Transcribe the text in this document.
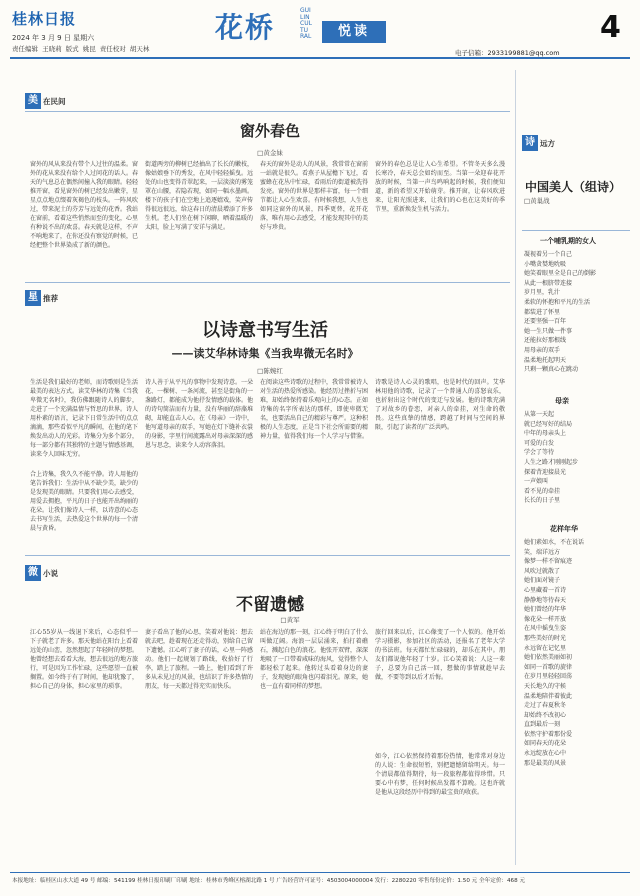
桂林日报
2024 年 3 月 9 日 星期六
责任编辑 王晓莉 版式 姚昆 责任校对 胡天林
花桥
GUILIN CULTURAL	悦读	4
电子信箱：2933199881@qq.com
美 在民间
窗外春色
□黄金妹
窗外的风从来没有带个人过往的温柔。窗外的花从来没有给个人过问花的话人。春天的气息总在偶然间撞入我的眼睛。轻轻推开窗，看见窗外的树已经发出嫩芽，星星点点地点缀着灰褐色的枝头。一阵风吹过，带来泥土的芬芳与远处的花香。我站在窗前，看着这些悄然而至的变化，心里有种说不出的欢喜。春天就是这样，不声不响地来了，在你还没有察觉的时候，已经把整个世界染成了新的颜色。
街道两旁的柳树已经抽出了长长的嫩枝，像姑娘垂下的秀发，在风中轻轻摇曳。远处的山也变得青翠起来，一层淡淡的雾笼罩在山腰，若隐若现，如同一幅水墨画。楼下的孩子们在空地上追逐嬉戏，笑声传得很远很远，给这春日的清晨增添了许多生机。老人们坐在树下闲聊，晒着温暖的太阳，脸上写满了安详与满足。
春天的窗外是动人的风景，我常常在窗前一站就是很久。看燕子从屋檐下飞过，看蜜蜂在花丛中忙碌，看雨后的街道被洗得发亮。窗外的世界是那样丰富，每一个细节都让人心生欢喜。有时候我想，人生也如同这窗外的风景，四季更替，花开花落，唯有用心去感受，才能发现其中的美好与珍贵。
窗外的春色总是让人心生希望。不管冬天多么漫长寒冷，春天总会如约而至。当第一朵迎春花开放的时候，当第一声鸟鸣响起的时候，我们便知道，新的希望又开始萌芽。推开窗，让春风吹进来，让阳光照进来，让我们的心也在这美好的季节里，重新焕发生机与活力。
星 推荐
以诗意书写生活
——读艾华林诗集《当我卑微无名时》
□陈婉红
生活是我们最好的老师，而诗歌则是生活最美的表达方式。读艾华林的诗集《当我卑微无名时》，我仿佛跟随诗人的脚步，走进了一个充满温情与哲思的世界。诗人用朴素的语言，记录下日常生活中的点点滴滴，那些看似平凡的瞬间，在他的笔下焕发出动人的光彩。诗集分为多个部分，每一部分都有其独特的主题与情感基调，读来令人回味无穷。
诗人善于从平凡的事物中发现诗意。一朵花、一棵树、一条河流，甚至是街角的一盏路灯，都能成为他抒发情感的载体。他的诗句简洁而有力量，没有华丽的辞藻堆砌，却能直击人心。在《母亲》一诗中，他写道母亲的双手，写她在灯下缝补衣裳的身影，字里行间流露出对母亲深深的感恩与思念，读来令人动容落泪。
在阅读这些诗歌的过程中，我常常被诗人对生活的热爱所感染。他经历过挫折与困难，却始终保持着乐观向上的心态。正如诗集的名字所表达的那样，即使卑微无名，也要活出自己的精彩与尊严。这种积极的人生态度，正是当下社会所需要的精神力量，值得我们每一个人学习与借鉴。
诗歌是诗人心灵的歌唱，也是时代的回声。艾华林用他的诗歌，记录了一个普通人的喜怒哀乐，也折射出这个时代的变迁与发展。他的诗歌充满了对故乡的眷恋，对亲人的牵挂，对生命的敬畏。这些真挚的情感，跨越了时间与空间的界限，引起了读者的广泛共鸣。
合上诗集，我久久不能平静。诗人用他的笔告诉我们：生活中从不缺少美，缺少的是发现美的眼睛。只要我们用心去感受，用爱去拥抱，平凡的日子也能开出绚丽的花朵。让我们像诗人一样，以诗意的心态去书写生活，去热爱这个世界的每一个清晨与黄昏。
微 小说
不留遗憾
□黄军
江心55岁从一线退下来后，心态似乎一下子就老了许多。那天他站在阳台上看着远处的山峦，忽然想起了年轻时的梦想。他曾经想去看看大海，想去很远的地方旅行，可是因为工作忙碌，这些愿望一直被搁置。如今终于有了时间，他却犹豫了，担心自己的身体，担心家里的琐事。
妻子看出了他的心思，笑着对他说：想去就去吧，趁着现在还走得动，别给自己留下遗憾。江心听了妻子的话，心里一阵感动。他们一起规划了路线，收拾好了行李，踏上了旅程。一路上，他们看到了许多从未见过的风景，也结识了许多热情的朋友，每一天都过得充实而快乐。
站在海边的那一刻，江心终于明白了什么叫做辽阔。海浪一层层涌来，拍打着礁石，溅起白色的浪花。他张开双臂，深深地吸了一口带着咸味的海风，觉得整个人都轻松了起来。他转过头看着身边的妻子，发现她的眼角也闪着泪光。原来，她也一直有着同样的梦想。
旅行回来以后，江心像变了一个人似的。他开始学习摄影，参加社区的活动，还报名了老年大学的书法班。每天都忙忙碌碌的，却乐在其中。朋友们都说他年轻了十岁。江心笑着说：人这一辈子，总要为自己活一回，想做的事情就趁早去做，不要等到以后才后悔。
如今，江心依然保持着那份热情，他常常对身边的人说：生命很短暂，别把遗憾留给明天。每一个清晨都值得期待，每一段旅程都值得珍惜。只要心中有梦，任何时候出发都不算晚。这也许就是他从这段经历中得到的最宝贵的收获。
诗 远方
中国美人（组诗）
□黄巢战
一个哺乳期的女人
凝视着另一个自己
小嘴贪婪地吮吸
她笑着眼里全是自己的倒影
从此一根脐带连接
岁月里，乳汁
柔软的怀抱和平凡的生活
都装进了怀里
还要坚强一百年
她一生只做一件事
还能拉好那根线
用母亲的双手
温柔地托起明天
只剩一颗真心在跳动
母亲
从第一天起
就已经写好的结局
中年的母亲头上
可爱的白发
学会了等待
人生之路才刚刚起步
探着背迎接晨光
一声娘叫
看不见的牵挂
长长的日子里
花样年华
她们素如水，不在说话
笑，端详远方
像梦一样不留痕迹
风吹过就散了
她们面对镜子
心里藏着一首诗
静静地等待春天
她们曾经的年华
像花朵一样开放
在风中摇曳生姿
那些美好的时光
永远留在记忆里
她们依然美丽如初
如同一首歌的旋律
在岁月里轻轻回荡
天长地久的守候
温柔地陪伴着彼此
走过了春夏秋冬
却始终不改初心
直到最后一刻
依然守护着那份爱
如同春天的花朵
永远绽放在心中
那是最美的风景
本报地址：临桂区山水大道 49 号 邮编：541199 桂林日报印刷厂印刷 地址：桂林市秀峰区榕湖北路 1 号 广告经营许可证号：4503004000004 发行：2280220 零售每份定价：1.50 元 全年定价：468 元
